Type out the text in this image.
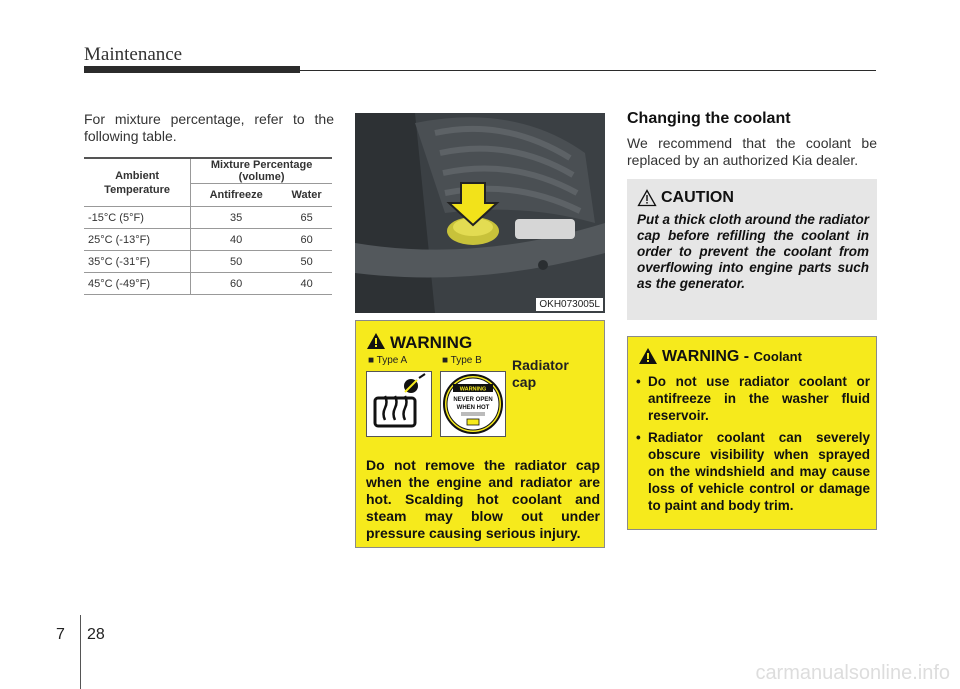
Maintenance
For mixture percentage, refer to the following table.
Ambient Temperature	Mixture Percentage (volume)	
	Antifreeze	Water
-15°C (5°F)	35	65
25°C (-13°F)	40	60
35°C (-31°F)	50	50
45°C (-49°F)	60	40
OKH073005L
WARNING
■ Type A	■ Type B
WARNING
NEVER OPEN
WHEN HOT
Radiator
cap
Do not remove the radiator cap when the engine and radiator are hot. Scalding hot coolant and steam may blow out under pressure causing serious injury.
Changing the coolant
We recommend that the coolant be replaced by an authorized Kia dealer.
CAUTION
Put a thick cloth around the radiator cap before refilling the coolant in order to prevent the coolant from overflowing into engine parts such as the generator.
WARNING - Coolant
• Do not use radiator coolant or antifreeze in the washer fluid reservoir.
• Radiator coolant can severely obscure visibility when sprayed on the windshield and may cause loss of vehicle control or damage to paint and body trim.
7 28
carmanualsonline.info
